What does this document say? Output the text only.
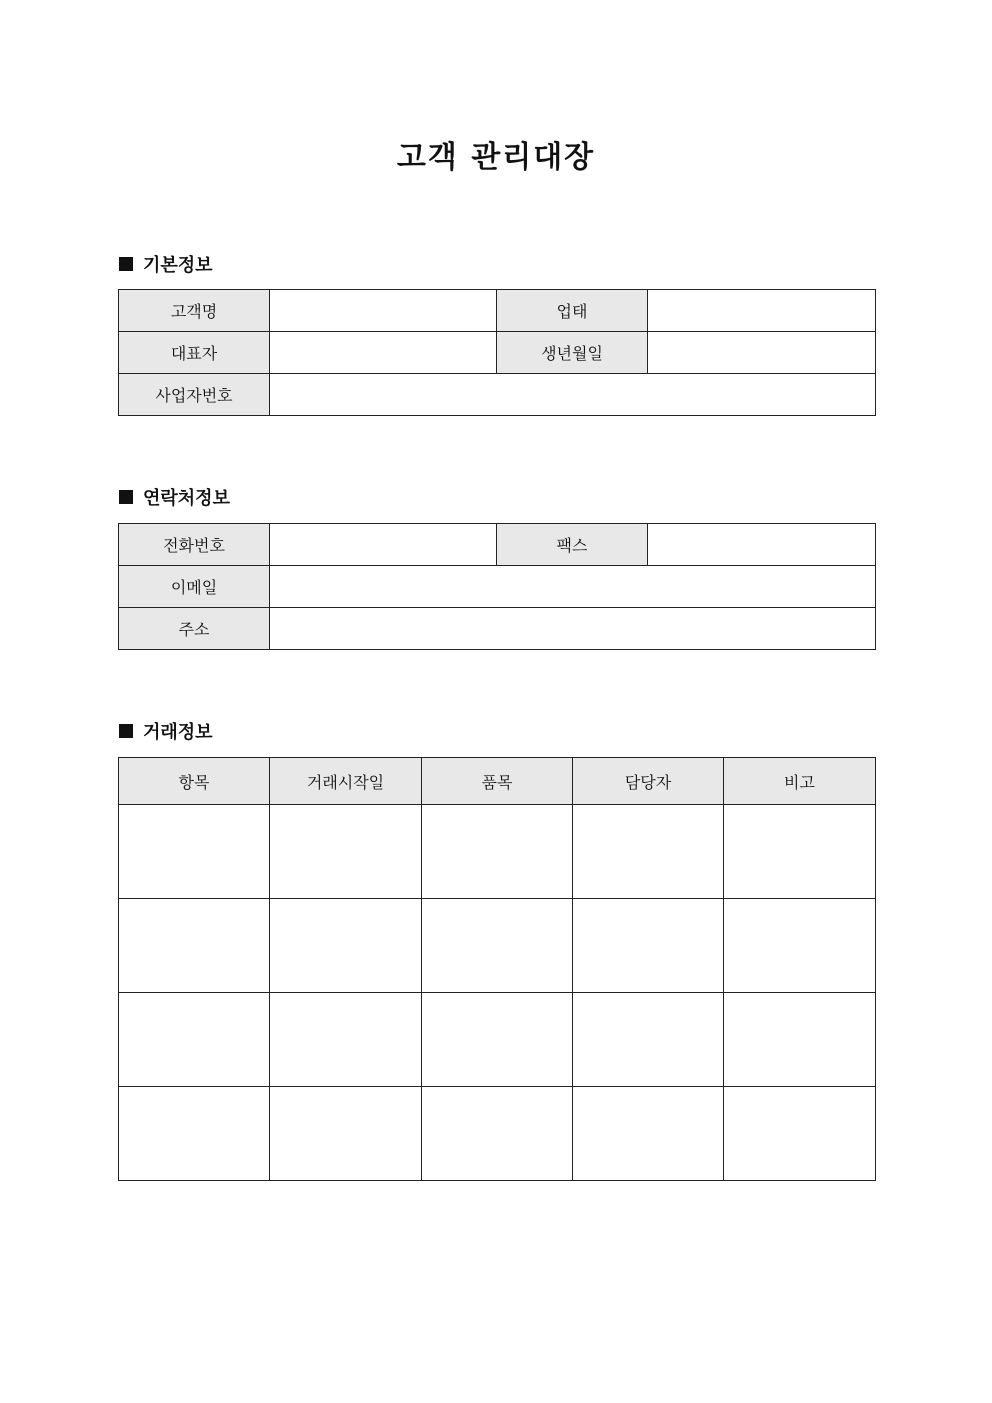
고객 관리대장
기본정보
고객명		업태	
대표자		생년월일	
사업자번호			
연락처정보
전화번호		팩스	
이메일			
주소			
거래정보
항목	거래시작일	품목	담당자	비고
